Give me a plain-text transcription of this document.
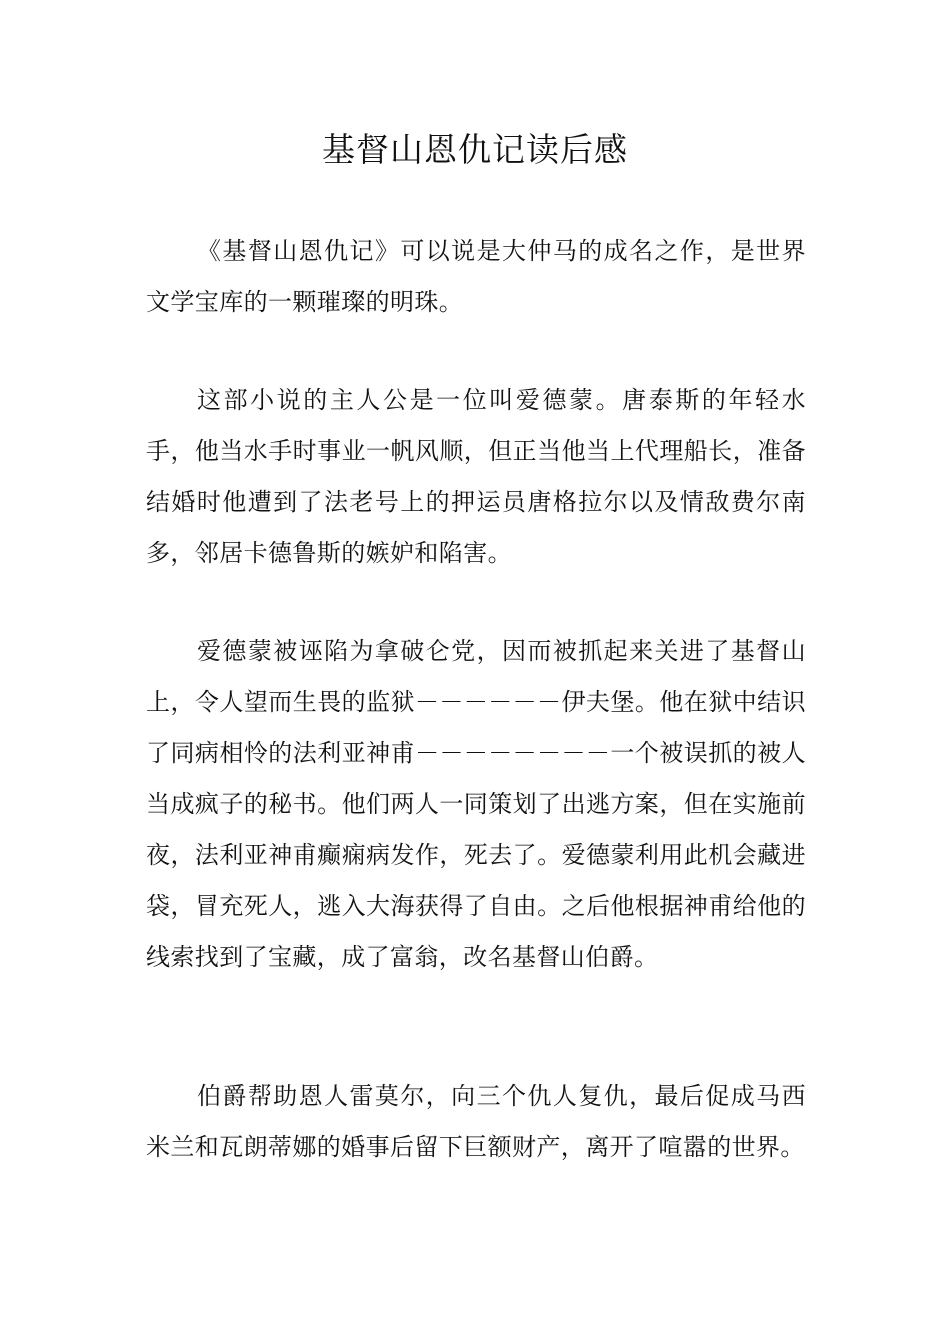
基督山恩仇记读后感

《基督山恩仇记》可以说是大仲马的成名之作，是世界文学宝库的一颗璀璨的明珠。

这部小说的主人公是一位叫爱德蒙。唐泰斯的年轻水手，他当水手时事业一帆风顺，但正当他当上代理船长，准备结婚时他遭到了法老号上的押运员唐格拉尔以及情敌费尔南多，邻居卡德鲁斯的嫉妒和陷害。

爱德蒙被诬陷为拿破仑党，因而被抓起来关进了基督山上，令人望而生畏的监狱－－－－－－伊夫堡。他在狱中结识了同病相怜的法利亚神甫－－－－－－－－一个被误抓的被人当成疯子的秘书。他们两人一同策划了出逃方案，但在实施前夜，法利亚神甫癫痫病发作，死去了。爱德蒙利用此机会藏进袋，冒充死人，逃入大海获得了自由。之后他根据神甫给他的线索找到了宝藏，成了富翁，改名基督山伯爵。

伯爵帮助恩人雷莫尔，向三个仇人复仇，最后促成马西米兰和瓦朗蒂娜的婚事后留下巨额财产，离开了喧嚣的世界。
